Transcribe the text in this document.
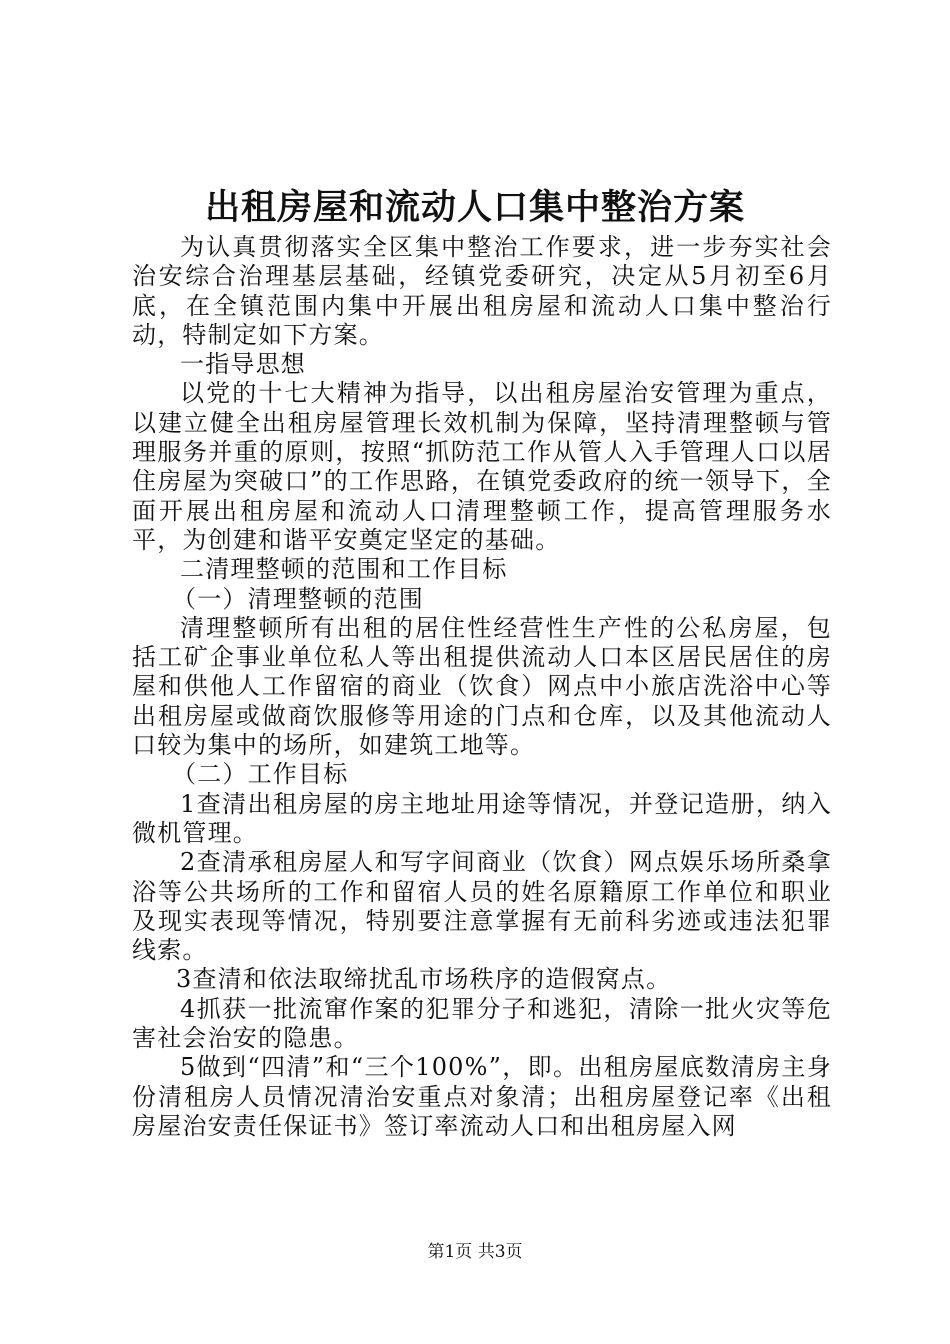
出租房屋和流动人口集中整治方案

为认真贯彻落实全区集中整治工作要求，进一步夯实社会治安综合治理基层基础，经镇党委研究，决定从5月初至6月底，在全镇范围内集中开展出租房屋和流动人口集中整治行动，特制定如下方案。

一指导思想

以党的十七大精神为指导，以出租房屋治安管理为重点，以建立健全出租房屋管理长效机制为保障，坚持清理整顿与管理服务并重的原则，按照“抓防范工作从管人入手管理人口以居住房屋为突破口”的工作思路，在镇党委政府的统一领导下，全面开展出租房屋和流动人口清理整顿工作，提高管理服务水平，为创建和谐平安奠定坚定的基础。

二清理整顿的范围和工作目标

（一）清理整顿的范围

清理整顿所有出租的居住性经营性生产性的公私房屋，包括工矿企事业单位私人等出租提供流动人口本区居民居住的房屋和供他人工作留宿的商业（饮食）网点中小旅店洗浴中心等出租房屋或做商饮服修等用途的门点和仓库，以及其他流动人口较为集中的场所，如建筑工地等。

（二）工作目标

1查清出租房屋的房主地址用途等情况，并登记造册，纳入微机管理。

2查清承租房屋人和写字间商业（饮食）网点娱乐场所桑拿浴等公共场所的工作和留宿人员的姓名原籍原工作单位和职业及现实表现等情况，特别要注意掌握有无前科劣迹或违法犯罪线索。

3查清和依法取缔扰乱市场秩序的造假窝点。

4抓获一批流窜作案的犯罪分子和逃犯，清除一批火灾等危害社会治安的隐患。

5做到“四清”和“三个100%”，即。出租房屋底数清房主身份清租房人员情况清治安重点对象清；出租房屋登记率《出租房屋治安责任保证书》签订率流动人口和出租房屋入网

第1页 共3页
